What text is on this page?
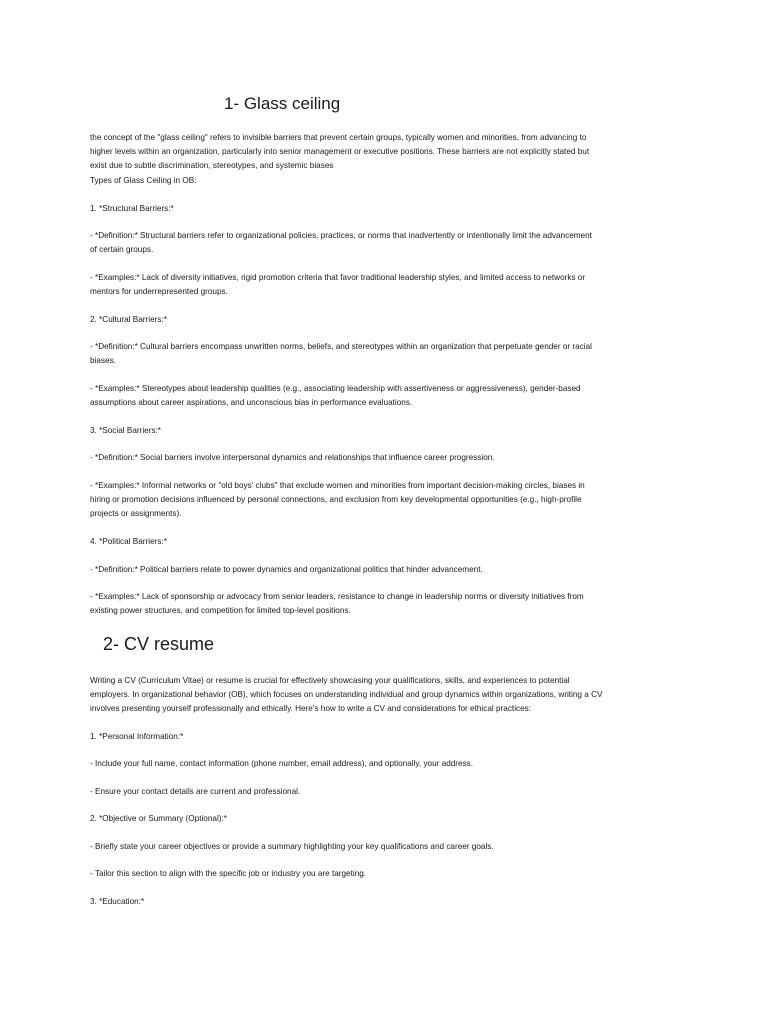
1- Glass ceiling

the concept of the "glass ceiling" refers to invisible barriers that prevent certain groups, typically women and minorities, from advancing to
higher levels within an organization, particularly into senior management or executive positions. These barriers are not explicitly stated but
exist due to subtle discrimination, stereotypes, and systemic biases

Types of Glass Ceiling in OB:

1. *Structural Barriers:*

- *Definition:* Structural barriers refer to organizational policies, practices, or norms that inadvertently or intentionally limit the advancement
of certain groups.

- *Examples:* Lack of diversity initiatives, rigid promotion criteria that favor traditional leadership styles, and limited access to networks or
mentors for underrepresented groups.

2. *Cultural Barriers:*

- *Definition:* Cultural barriers encompass unwritten norms, beliefs, and stereotypes within an organization that perpetuate gender or racial
biases.

- *Examples:* Stereotypes about leadership qualities (e.g., associating leadership with assertiveness or aggressiveness), gender-based
assumptions about career aspirations, and unconscious bias in performance evaluations.

3. *Social Barriers:*

- *Definition:* Social barriers involve interpersonal dynamics and relationships that influence career progression.

- *Examples:* Informal networks or "old boys' clubs" that exclude women and minorities from important decision-making circles, biases in
hiring or promotion decisions influenced by personal connections, and exclusion from key developmental opportunities (e.g., high-profile
projects or assignments).

4. *Political Barriers:*

- *Definition:* Political barriers relate to power dynamics and organizational politics that hinder advancement.

- *Examples:* Lack of sponsorship or advocacy from senior leaders, resistance to change in leadership norms or diversity initiatives from
existing power structures, and competition for limited top-level positions.

2- CV resume

Writing a CV (Curriculum Vitae) or resume is crucial for effectively showcasing your qualifications, skills, and experiences to potential
employers. In organizational behavior (OB), which focuses on understanding individual and group dynamics within organizations, writing a CV
involves presenting yourself professionally and ethically. Here's how to write a CV and considerations for ethical practices:

1. *Personal Information:*

- Include your full name, contact information (phone number, email address), and optionally, your address.

- Ensure your contact details are current and professional.

2. *Objective or Summary (Optional):*

- Briefly state your career objectives or provide a summary highlighting your key qualifications and career goals.

- Tailor this section to align with the specific job or industry you are targeting.

3. *Education:*
